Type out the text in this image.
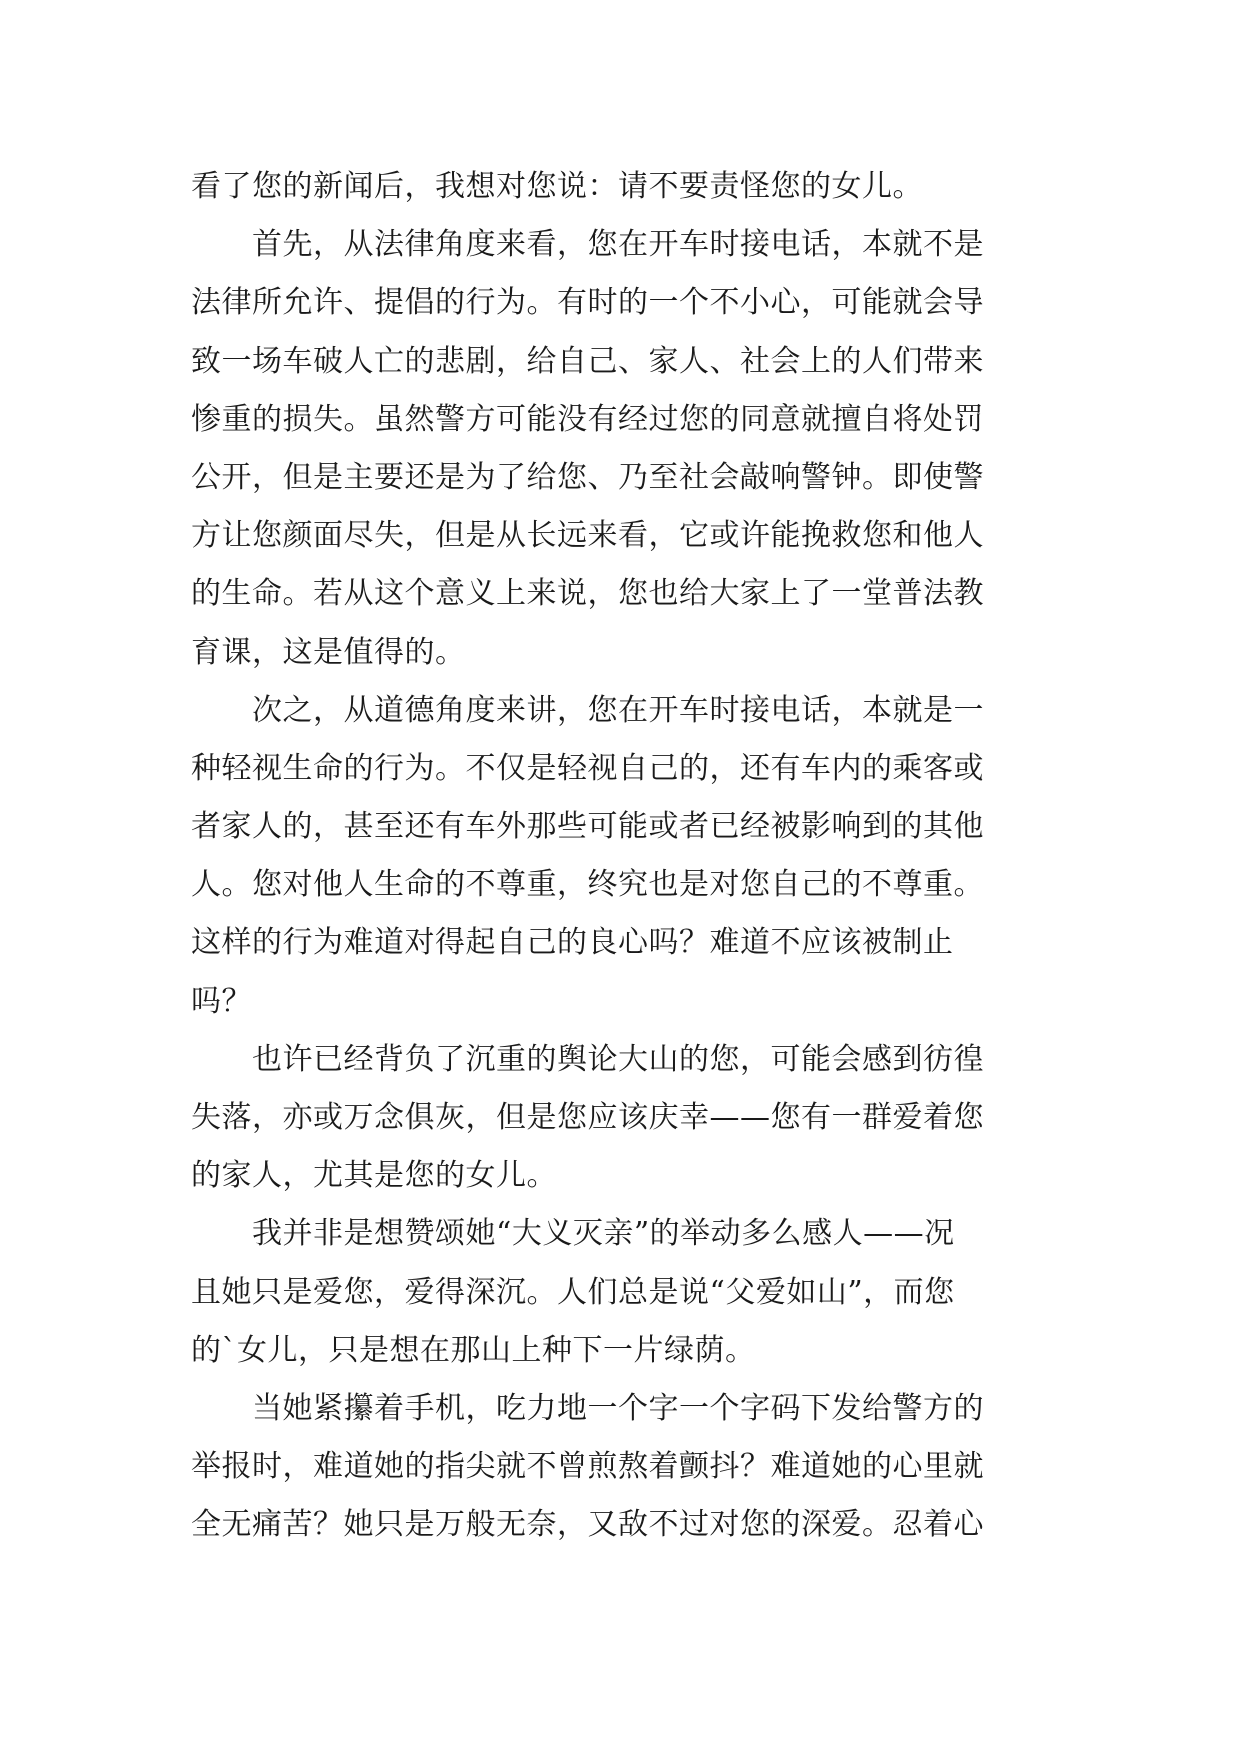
看了您的新闻后，我想对您说：请不要责怪您的女儿。
　　首先，从法律角度来看，您在开车时接电话，本就不是
法律所允许、提倡的行为。有时的一个不小心，可能就会导
致一场车破人亡的悲剧，给自己、家人、社会上的人们带来
惨重的损失。虽然警方可能没有经过您的同意就擅自将处罚
公开，但是主要还是为了给您、乃至社会敲响警钟。即使警
方让您颜面尽失，但是从长远来看，它或许能挽救您和他人
的生命。若从这个意义上来说，您也给大家上了一堂普法教
育课，这是值得的。
　　次之，从道德角度来讲，您在开车时接电话，本就是一
种轻视生命的行为。不仅是轻视自己的，还有车内的乘客或
者家人的，甚至还有车外那些可能或者已经被影响到的其他
人。您对他人生命的不尊重，终究也是对您自己的不尊重。
这样的行为难道对得起自己的良心吗？难道不应该被制止
吗？
　　也许已经背负了沉重的舆论大山的您，可能会感到彷徨
失落，亦或万念俱灰，但是您应该庆幸——您有一群爱着您
的家人，尤其是您的女儿。
　　我并非是想赞颂她“大义灭亲”的举动多么感人——况
且她只是爱您，爱得深沉。人们总是说“父爱如山”，而您
的`女儿，只是想在那山上种下一片绿荫。
　　当她紧攥着手机，吃力地一个字一个字码下发给警方的
举报时，难道她的指尖就不曾煎熬着颤抖？难道她的心里就
全无痛苦？她只是万般无奈，又敌不过对您的深爱。忍着心
